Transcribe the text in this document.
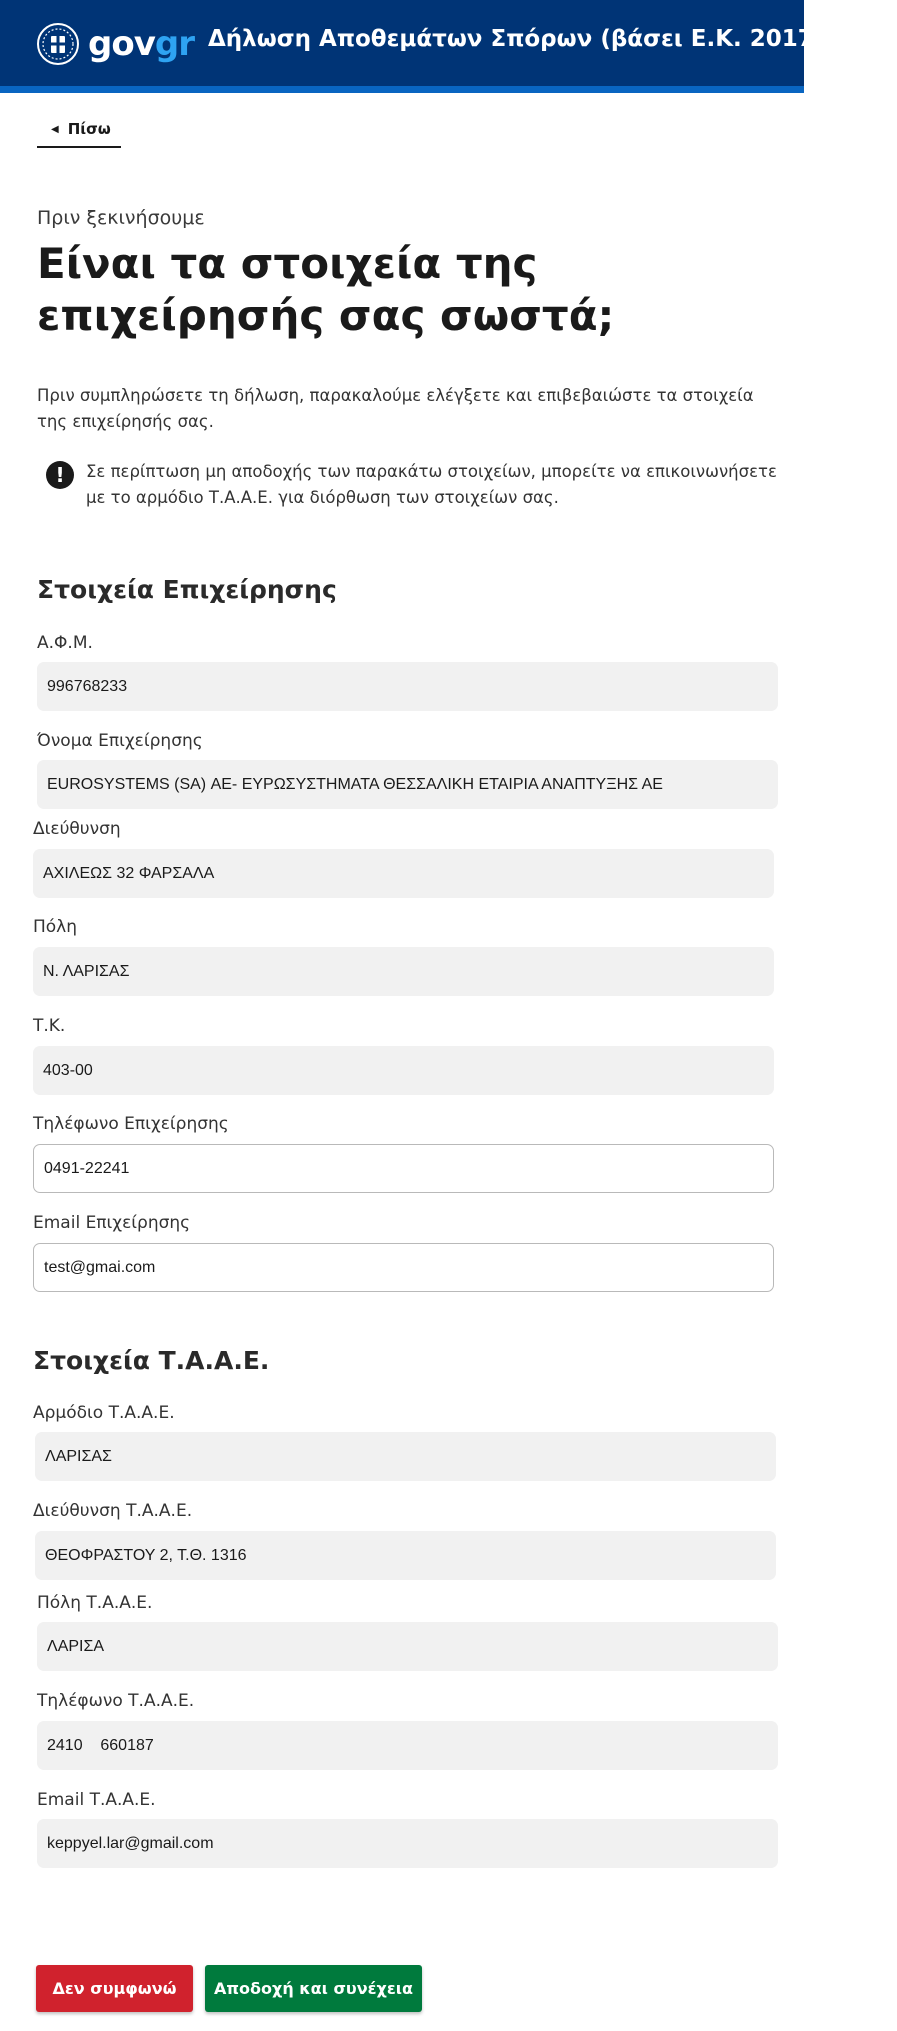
govgr Δήλωση Αποθεμάτων Σπόρων (βάσει Ε.Κ. 2017/1185)
◀ Πίσω
Πριν ξεκινήσουμε
Είναι τα στοιχεία της επιχείρησής σας σωστά;

Πριν συμπληρώσετε τη δήλωση, παρακαλούμε ελέγξετε και επιβεβαιώστε τα στοιχεία της επιχείρησής σας.

!	Σε περίπτωση μη αποδοχής των παρακάτω στοιχείων, μπορείτε να επικοινωνήσετε με το αρμόδιο Τ.Α.Α.Ε. για διόρθωση των στοιχείων σας.
Στοιχεία Επιχείρησης
Α.Φ.Μ.
996768233
Όνομα Επιχείρησης
EUROSYSTEMS (SA) ΑΕ- ΕΥΡΩΣΥΣΤΗΜΑΤΑ ΘΕΣΣΑΛΙΚΗ ΕΤΑΙΡΙΑ ΑΝΑΠΤΥΞΗΣ ΑΕ
Διεύθυνση
ΑΧΙΛΕΩΣ 32 ΦΑΡΣΑΛΑ
Πόλη
Ν. ΛΑΡΙΣΑΣ
Τ.Κ.
403-00
Τηλέφωνο Επιχείρησης
0491-22241
Email Επιχείρησης
test@gmai.com
Στοιχεία Τ.Α.Α.Ε.
Αρμόδιο Τ.Α.Α.Ε.
ΛΑΡΙΣΑΣ
Διεύθυνση Τ.Α.Α.Ε.
ΘΕΟΦΡΑΣΤΟΥ 2, Τ.Θ. 1316
Πόλη Τ.Α.Α.Ε.
ΛΑΡΙΣΑ
Τηλέφωνο Τ.Α.Α.Ε.
2410    660187
Email Τ.Α.Α.Ε.
keppyel.lar@gmail.com
Δεν συμφωνώ	Αποδοχή και συνέχεια
